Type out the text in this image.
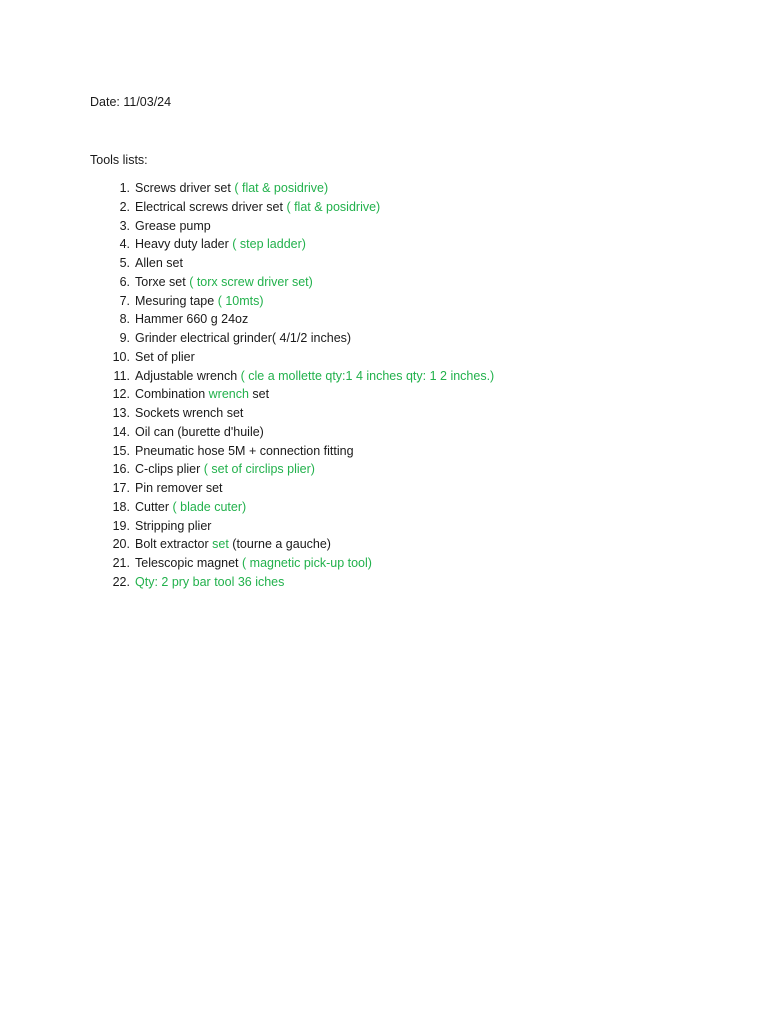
Date: 11/03/24
Tools lists:
1. Screws driver set ( flat & posidrive)
2. Electrical screws driver set ( flat & posidrive)
3. Grease pump
4. Heavy duty lader ( step ladder)
5. Allen set
6. Torxe set ( torx screw driver set)
7. Mesuring tape ( 10mts)
8. Hammer 660 g 24oz
9. Grinder electrical grinder( 4/1/2 inches)
10. Set of plier
11. Adjustable wrench ( cle a mollette qty:1 4 inches qty: 1 2 inches.)
12. Combination wrench set
13. Sockets wrench set
14. Oil can (burette d'huile)
15. Pneumatic hose 5M + connection fitting
16. C-clips plier ( set of circlips plier)
17. Pin remover set
18. Cutter ( blade cuter)
19. Stripping plier
20. Bolt extractor set (tourne a gauche)
21. Telescopic magnet ( magnetic pick-up tool)
22. Qty: 2 pry bar tool 36 iches
